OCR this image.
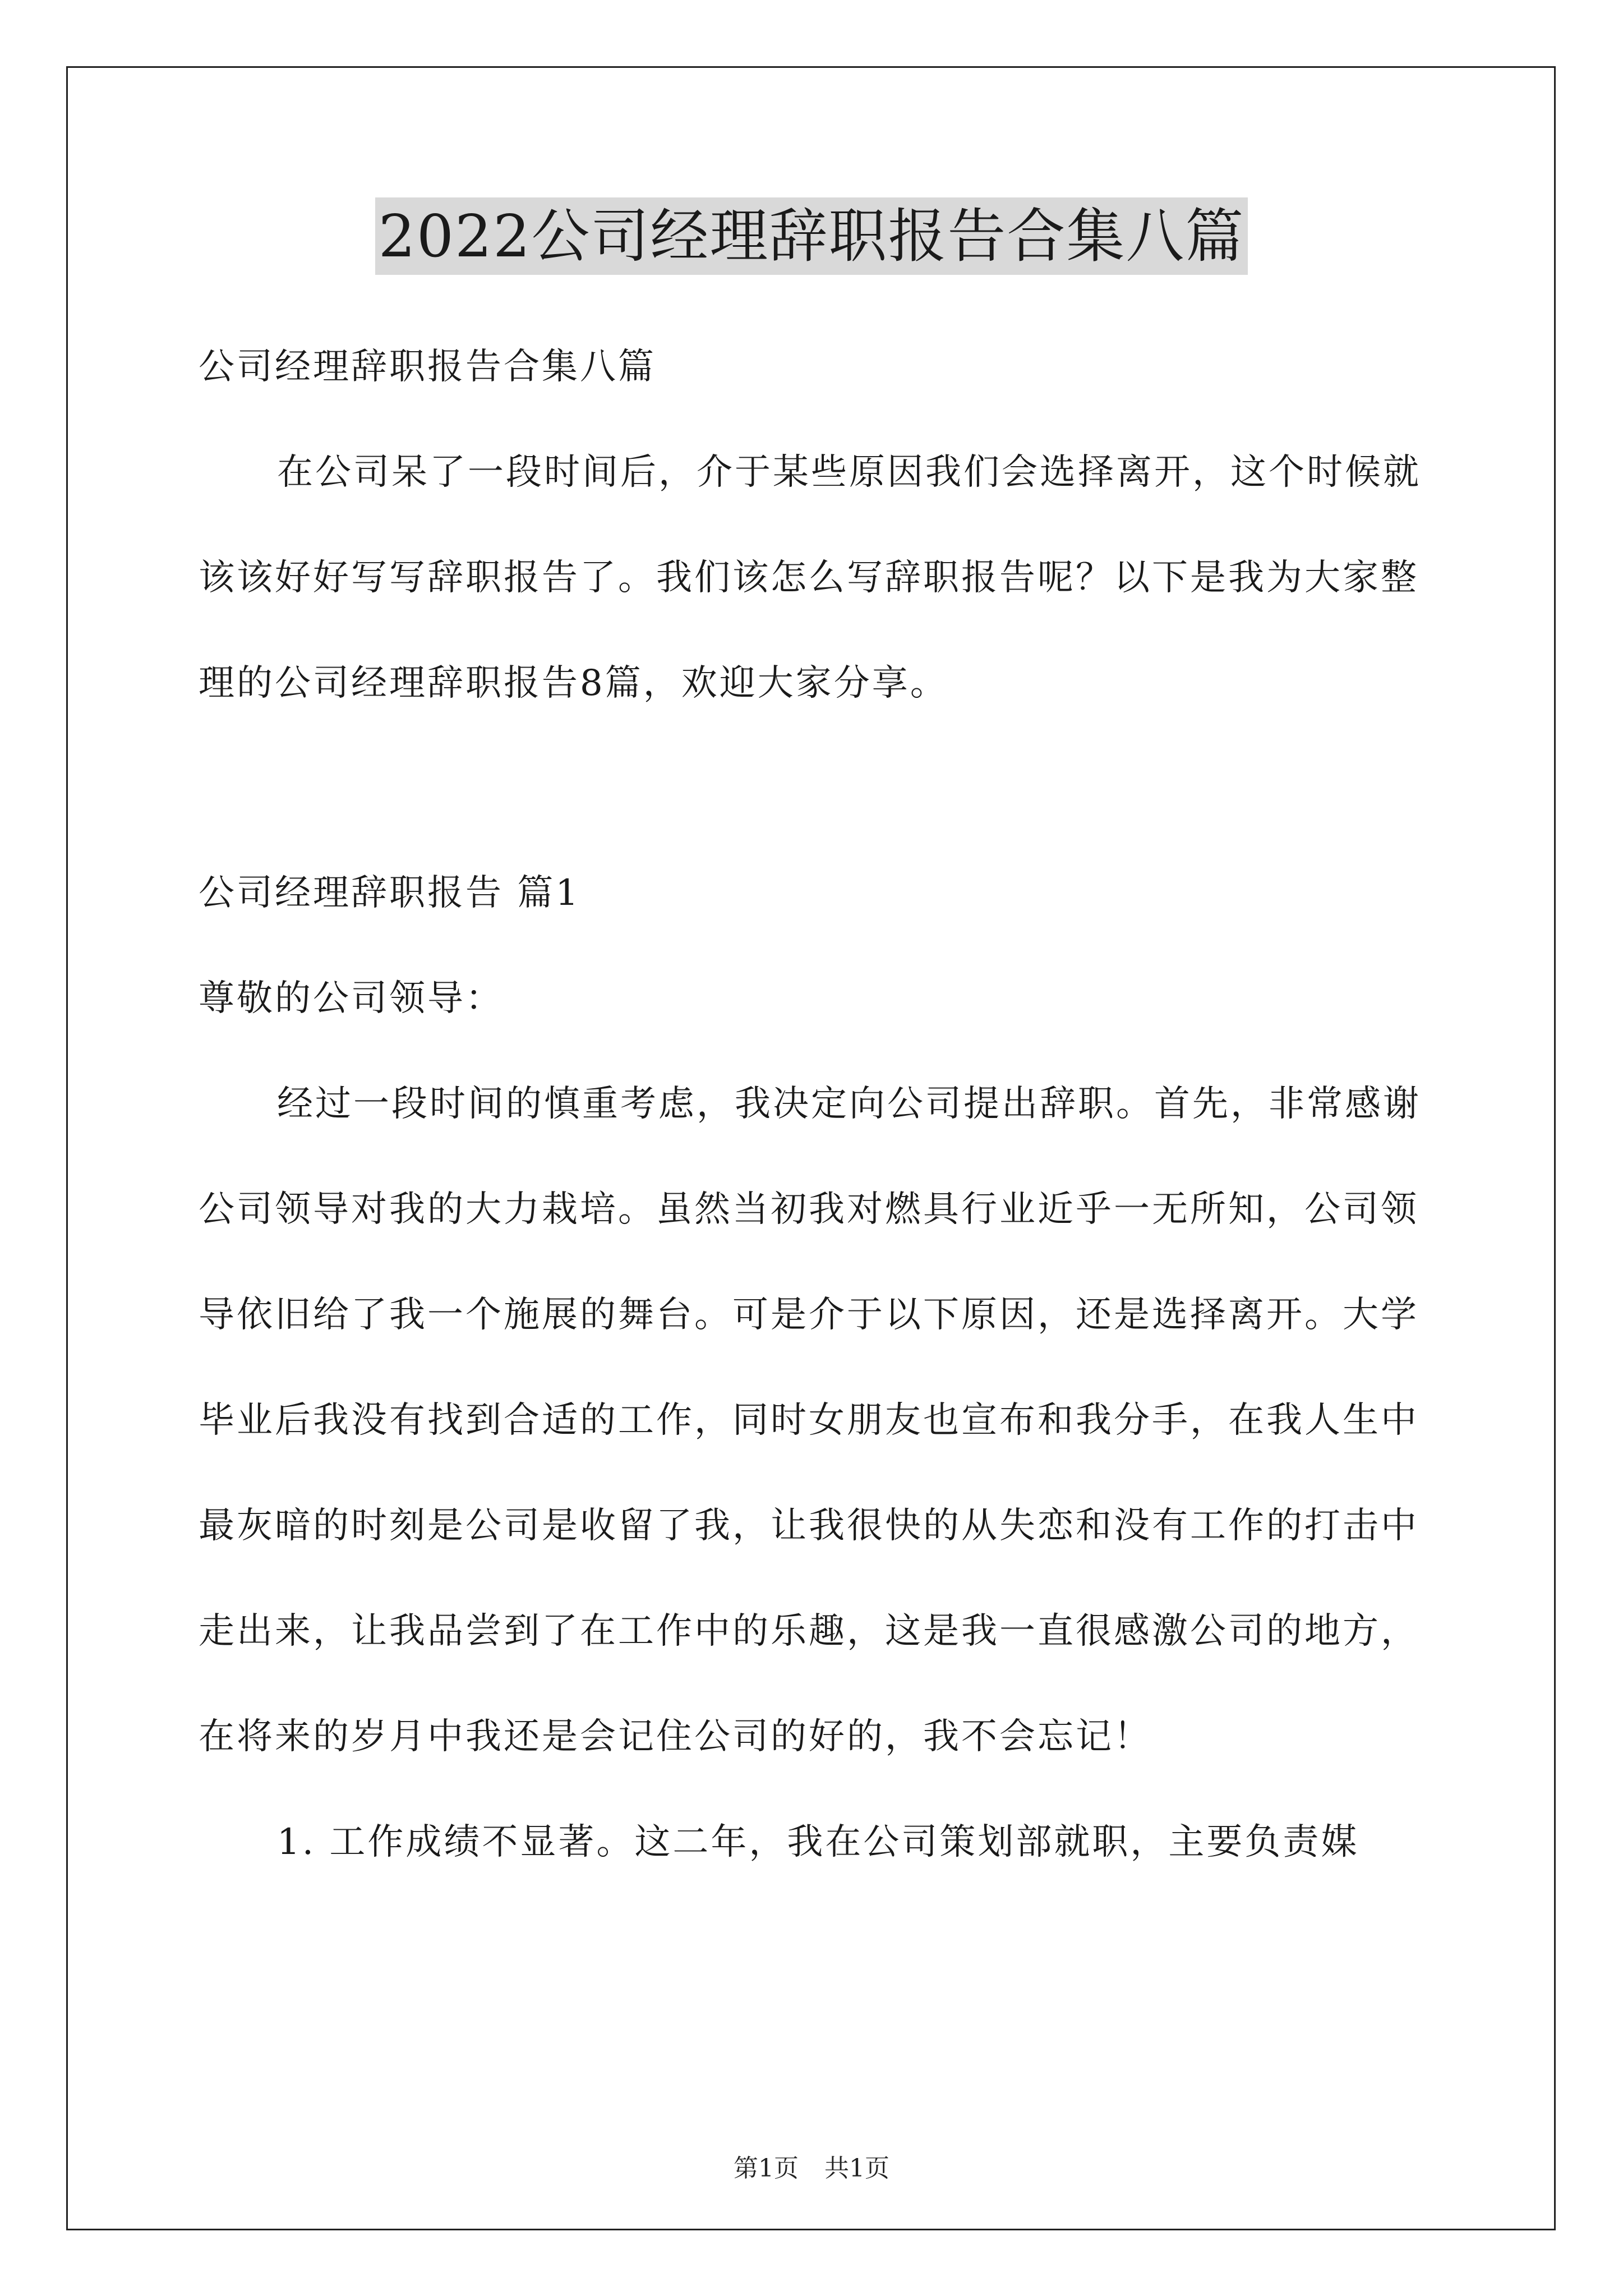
2022公司经理辞职报告合集八篇

公司经理辞职报告合集八篇

在公司呆了一段时间后，介于某些原因我们会选择离开，这个时候就该该好好写写辞职报告了。我们该怎么写辞职报告呢？以下是我为大家整理的公司经理辞职报告8篇，欢迎大家分享。

公司经理辞职报告 篇1

尊敬的公司领导：

经过一段时间的慎重考虑，我决定向公司提出辞职。首先，非常感谢公司领导对我的大力栽培。虽然当初我对燃具行业近乎一无所知，公司领导依旧给了我一个施展的舞台。可是介于以下原因，还是选择离开。大学毕业后我没有找到合适的工作，同时女朋友也宣布和我分手，在我人生中最灰暗的时刻是公司是收留了我，让我很快的从失恋和没有工作的打击中走出来，让我品尝到了在工作中的乐趣，这是我一直很感激公司的地方，在将来的岁月中我还是会记住公司的好的，我不会忘记！

1. 工作成绩不显著。这二年，我在公司策划部就职，主要负责媒

第1页 共1页
